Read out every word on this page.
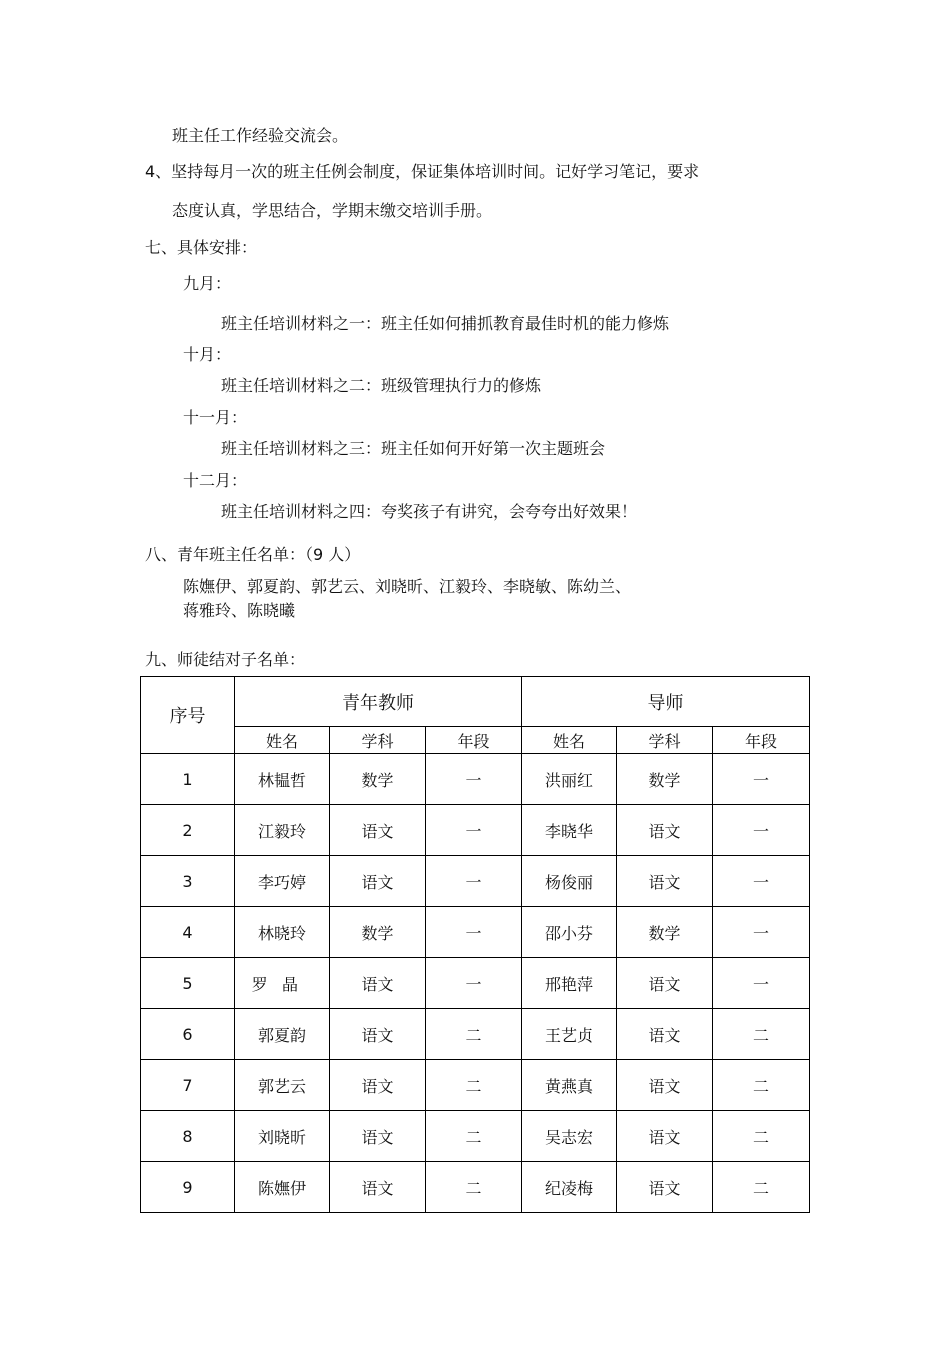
班主任工作经验交流会。
4、坚持每月一次的班主任例会制度，保证集体培训时间。记好学习笔记，要求
态度认真，学思结合，学期末缴交培训手册。
七、具体安排：
九月：
班主任培训材料之一：班主任如何捕抓教育最佳时机的能力修炼
十月：
班主任培训材料之二：班级管理执行力的修炼
十一月：
班主任培训材料之三：班主任如何开好第一次主题班会
十二月：
班主任培训材料之四：夸奖孩子有讲究，会夸夸出好效果！
八、青年班主任名单：（9 人）
陈嫵伊、郭夏韵、郭艺云、刘晓昕、江毅玲、李晓敏、陈幼兰、
蒋雅玲、陈晓曦
九、师徒结对子名单：
序号	青年教师			导师		
	姓名	学科	年段	姓名	学科	年段
1	林韫哲	数学	一	洪丽红	数学	一
2	江毅玲	语文	一	李晓华	语文	一
3	李巧婷	语文	一	杨俊丽	语文	一
4	林晓玲	数学	一	邵小芬	数学	一
5	罗晶	语文	一	邢艳萍	语文	一
6	郭夏韵	语文	二	王艺贞	语文	二
7	郭艺云	语文	二	黄燕真	语文	二
8	刘晓昕	语文	二	吴志宏	语文	二
9	陈嫵伊	语文	二	纪凌梅	语文	二
